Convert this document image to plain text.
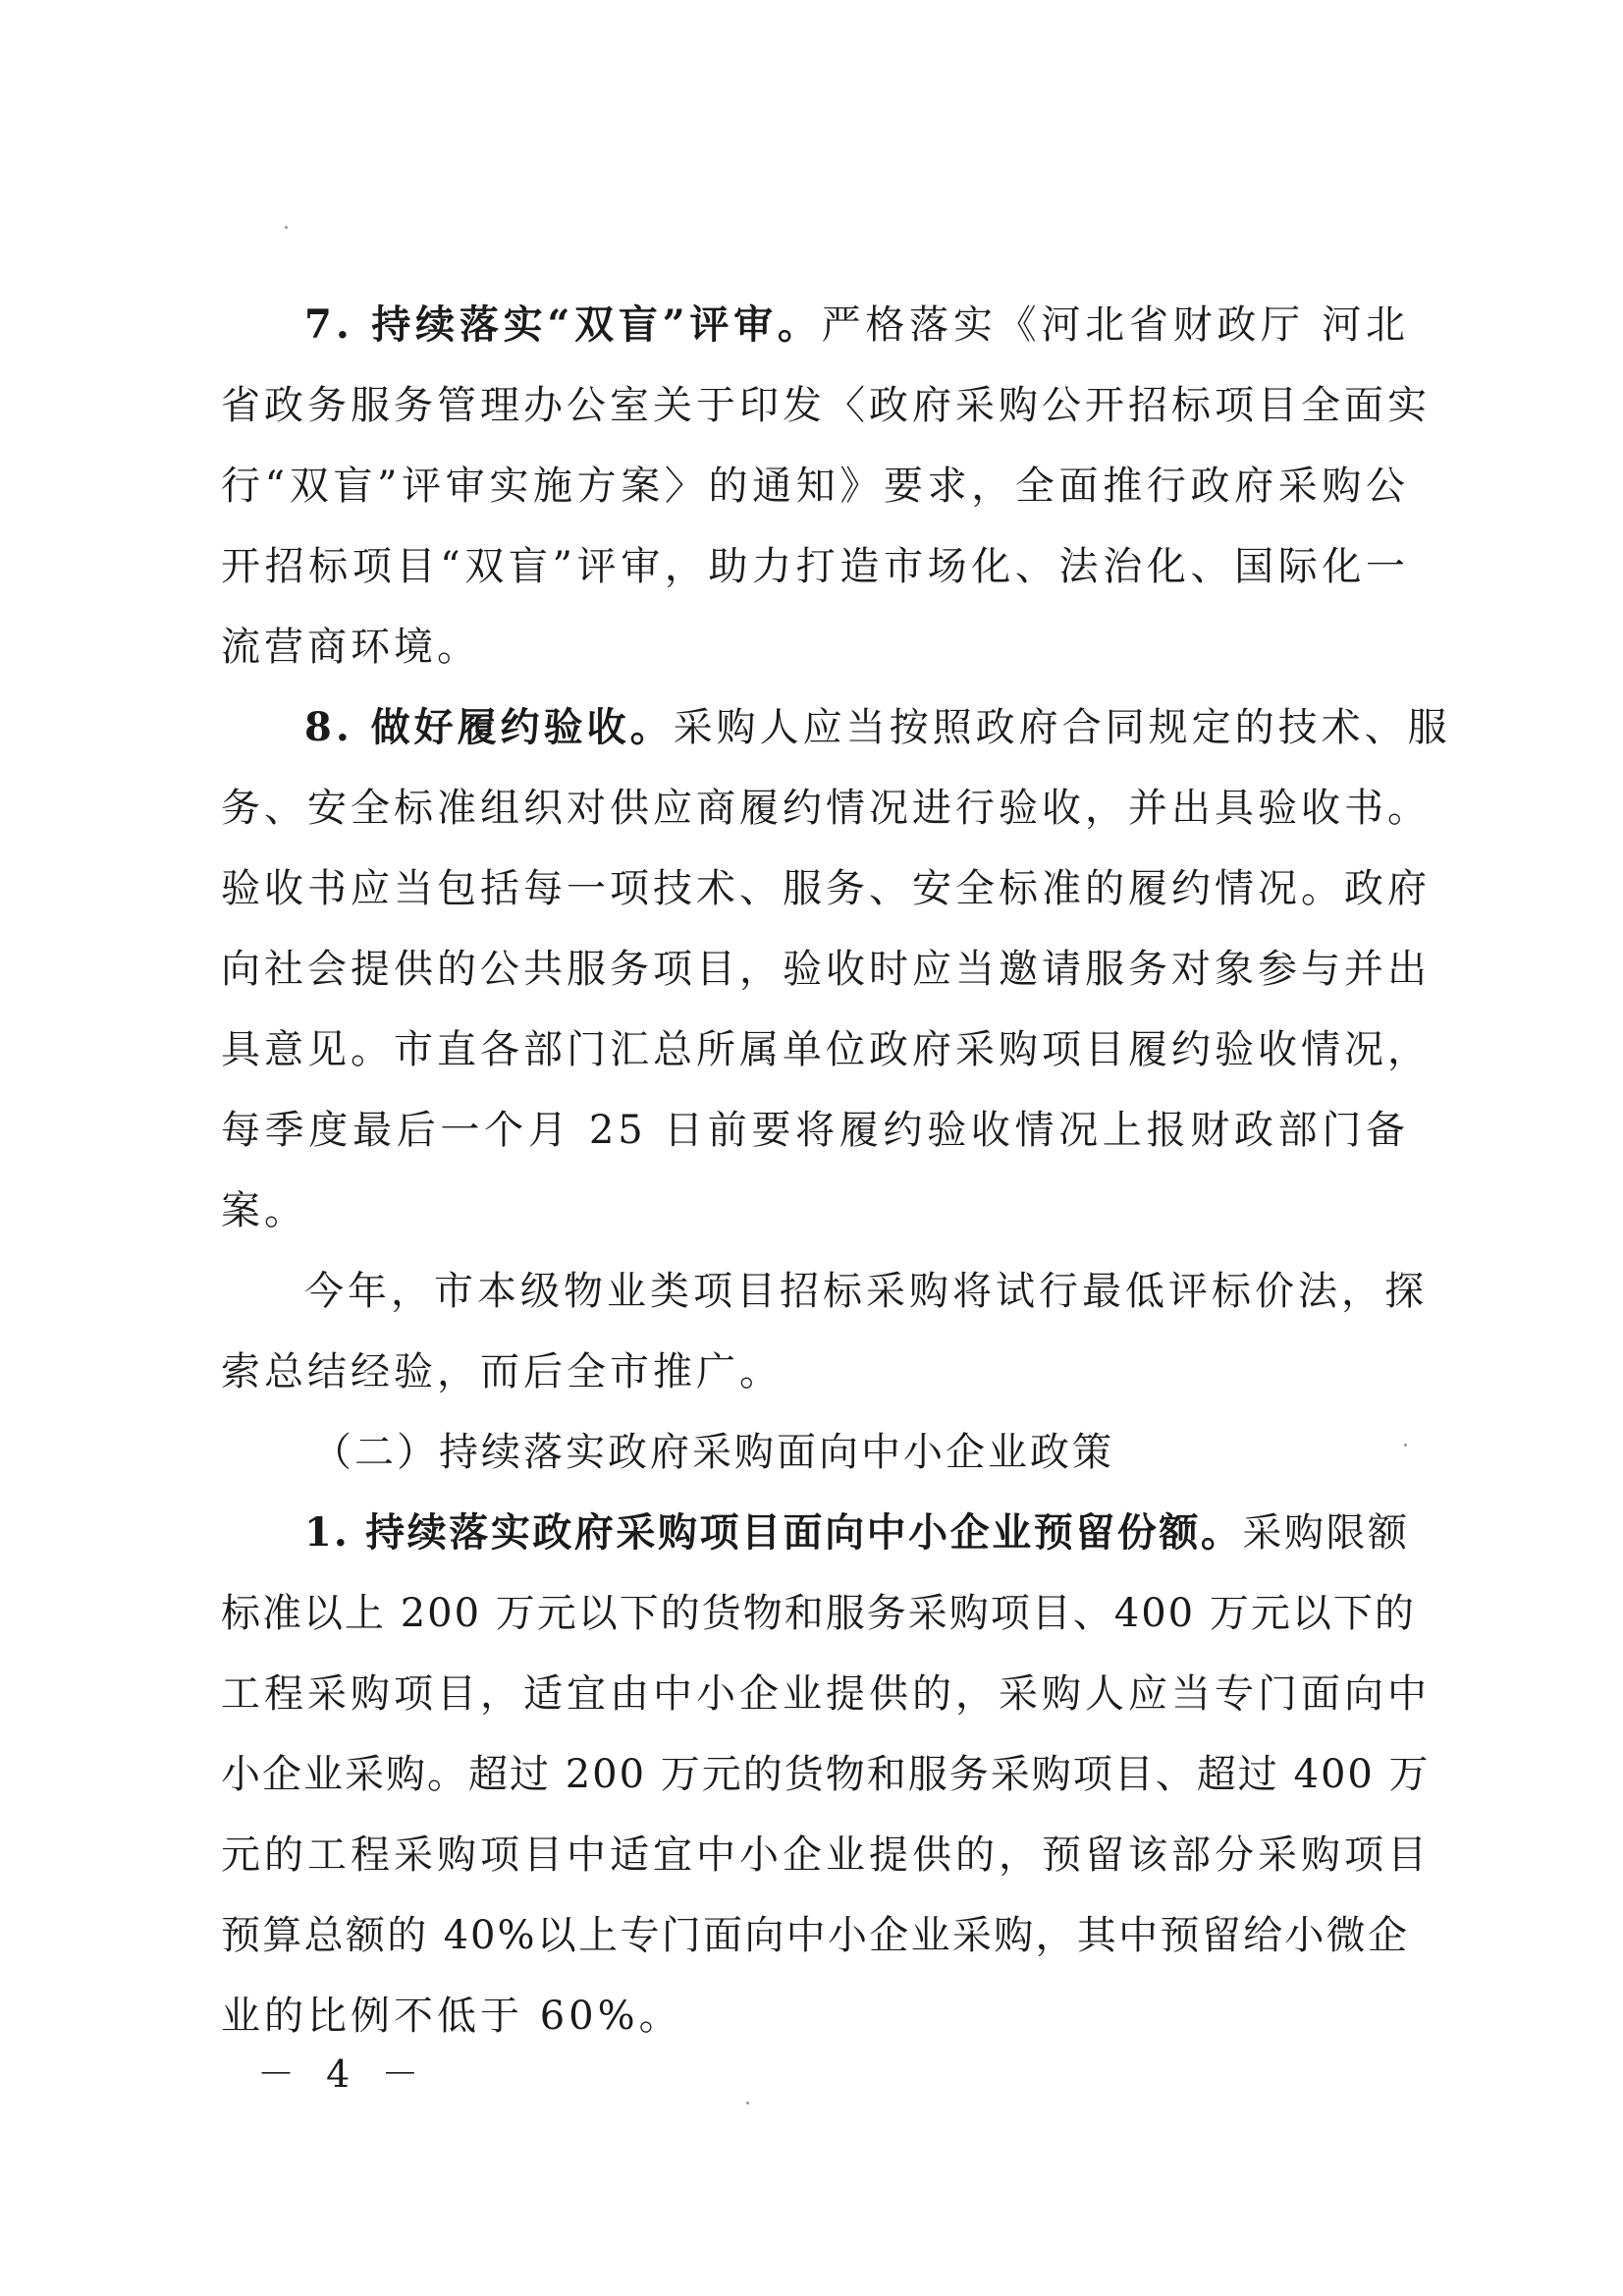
7. 持续落实“双盲”评审。严格落实《河北省财政厅 河北
省政务服务管理办公室关于印发〈政府采购公开招标项目全面实
行“双盲”评审实施方案〉的通知》要求，全面推行政府采购公
开招标项目“双盲”评审，助力打造市场化、法治化、国际化一
流营商环境。
8. 做好履约验收。采购人应当按照政府合同规定的技术、服
务、安全标准组织对供应商履约情况进行验收，并出具验收书。
验收书应当包括每一项技术、服务、安全标准的履约情况。政府
向社会提供的公共服务项目，验收时应当邀请服务对象参与并出
具意见。市直各部门汇总所属单位政府采购项目履约验收情况，
每季度最后一个月 25 日前要将履约验收情况上报财政部门备
案。
今年，市本级物业类项目招标采购将试行最低评标价法，探
索总结经验，而后全市推广。
（二）持续落实政府采购面向中小企业政策
1. 持续落实政府采购项目面向中小企业预留份额。采购限额
标准以上 200 万元以下的货物和服务采购项目、400 万元以下的
工程采购项目，适宜由中小企业提供的，采购人应当专门面向中
小企业采购。超过 200 万元的货物和服务采购项目、超过 400 万
元的工程采购项目中适宜中小企业提供的，预留该部分采购项目
预算总额的 40%以上专门面向中小企业采购，其中预留给小微企
业的比例不低于 60%。
－ 4 －
